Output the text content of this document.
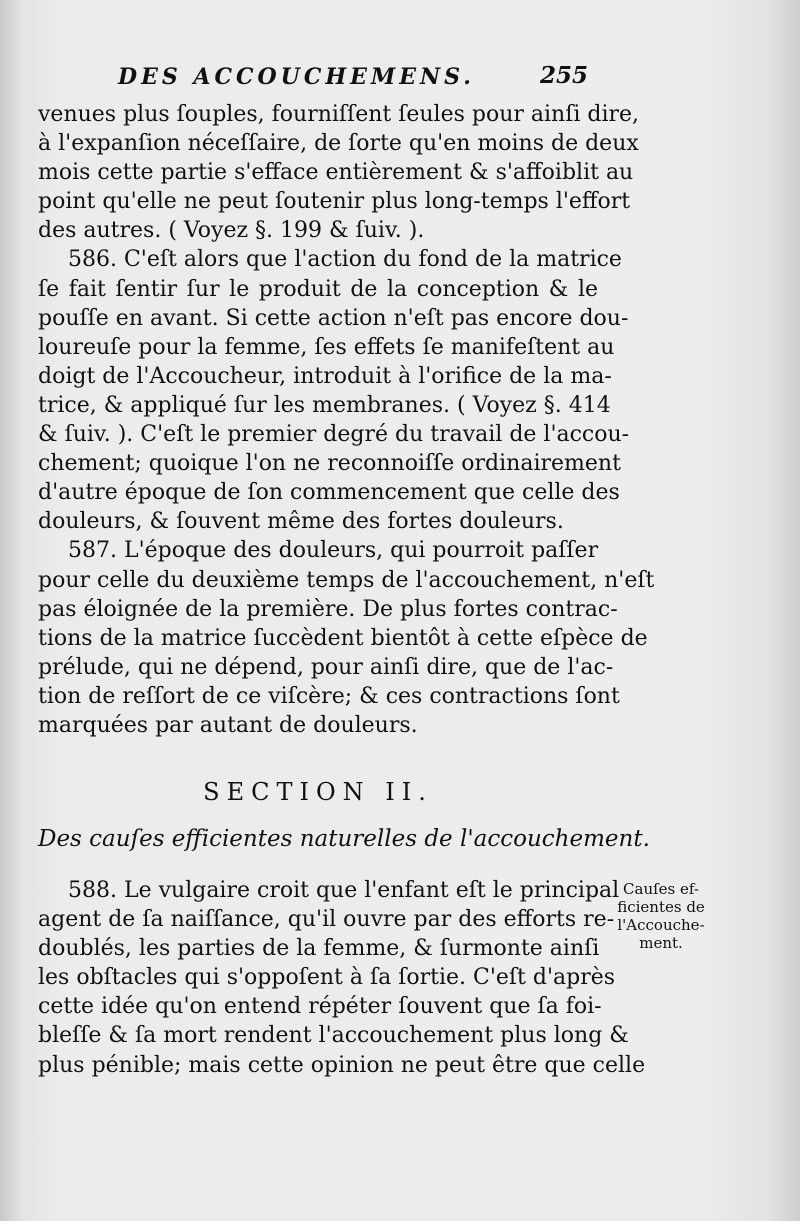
DES ACCOUCHEMENS.	255
venues plus ſouples, fourniſſent ſeules pour ainſi dire,
à l'expanſion néceſſaire, de ſorte qu'en moins de deux
mois cette partie s'efface entièrement & s'affoiblit au
point qu'elle ne peut ſoutenir plus long-temps l'effort
des autres. ( Voyez §. 199 & ſuiv. ).
586. C'eſt alors que l'action du fond de la matrice
ſe fait ſentir ſur le produit de la conception & le
pouſſe en avant. Si cette action n'eſt pas encore dou-
loureuſe pour la femme, ſes effets ſe manifeſtent au
doigt de l'Accoucheur, introduit à l'orifice de la ma-
trice, & appliqué ſur les membranes. ( Voyez §. 414
& ſuiv. ). C'eſt le premier degré du travail de l'accou-
chement; quoique l'on ne reconnoiſſe ordinairement
d'autre époque de ſon commencement que celle des
douleurs, & ſouvent même des fortes douleurs.
587. L'époque des douleurs, qui pourroit paſſer
pour celle du deuxième temps de l'accouchement, n'eſt
pas éloignée de la première. De plus fortes contrac-
tions de la matrice ſuccèdent bientôt à cette eſpèce de
prélude, qui ne dépend, pour ainſi dire, que de l'ac-
tion de reſſort de ce viſcère; & ces contractions ſont
marquées par autant de douleurs.
SECTION II.
Des cauſes efficientes naturelles de l'accouchement.
588. Le vulgaire croit que l'enfant eſt le principal
agent de ſa naiſſance, qu'il ouvre par des efforts re-
doublés, les parties de la femme, & ſurmonte ainſi
les obſtacles qui s'oppoſent à ſa ſortie. C'eſt d'après
cette idée qu'on entend répéter ſouvent que ſa foi-
bleſſe & ſa mort rendent l'accouchement plus long &
plus pénible; mais cette opinion ne peut être que celle
Cauſes ef-
ficientes de
l'Accouche-
ment.
